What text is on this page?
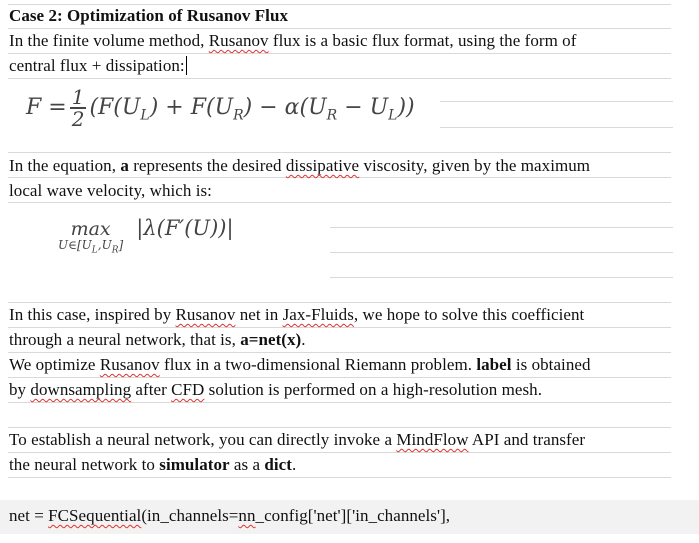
Case 2: Optimization of Rusanov Flux
In the finite volume method, Rusanov flux is a basic flux format, using the form of
central flux + dissipation:
$F = \frac{1}{2} (F(U_L) + F(U_R) - \alpha(U_R - U_L))$
In the equation, a represents the desired dissipative viscosity, given by the maximum
local wave velocity, which is:
max
$U\in[U_L,U_R]$
|λ(F′(U))|
In this case, inspired by Rusanov net in Jax-Fluids, we hope to solve this coefficient
through a neural network, that is, a=net(x).
We optimize Rusanov flux in a two-dimensional Riemann problem. label is obtained
by downsampling after CFD solution is performed on a high-resolution mesh.
To establish a neural network, you can directly invoke a MindFlow API and transfer
the neural network to simulator as a dict.
net = FCSequential(in_channels=nn_config['net']['in_channels'],
